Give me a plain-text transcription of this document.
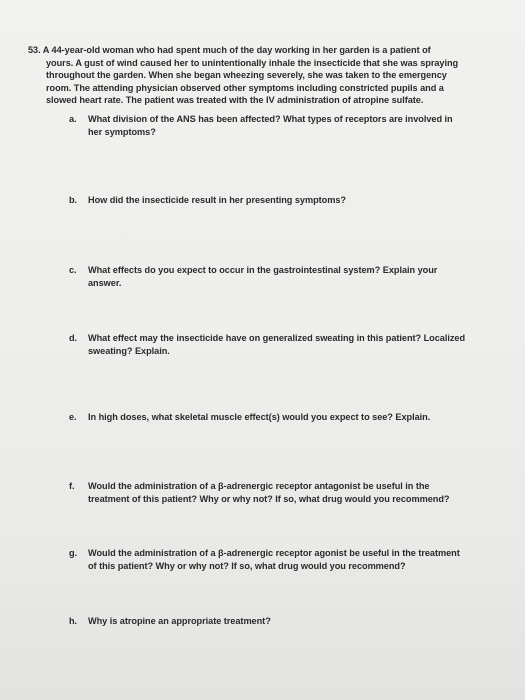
53. A 44-year-old woman who had spent much of the day working in her garden is a patient of
yours. A gust of wind caused her to unintentionally inhale the insecticide that she was spraying
throughout the garden. When she began wheezing severely, she was taken to the emergency
room. The attending physician observed other symptoms including constricted pupils and a
slowed heart rate. The patient was treated with the IV administration of atropine sulfate.
a.	What division of the ANS has been affected? What types of receptors are involved in
her symptoms?
b.	How did the insecticide result in her presenting symptoms?
c.	What effects do you expect to occur in the gastrointestinal system? Explain your
answer.
d.	What effect may the insecticide have on generalized sweating in this patient? Localized
sweating? Explain.
e.	In high doses, what skeletal muscle effect(s) would you expect to see? Explain.
f.	Would the administration of a β-adrenergic receptor antagonist be useful in the
treatment of this patient? Why or why not? If so, what drug would you recommend?
g.	Would the administration of a β-adrenergic receptor agonist be useful in the treatment
of this patient? Why or why not? If so, what drug would you recommend?
h.	Why is atropine an appropriate treatment?
